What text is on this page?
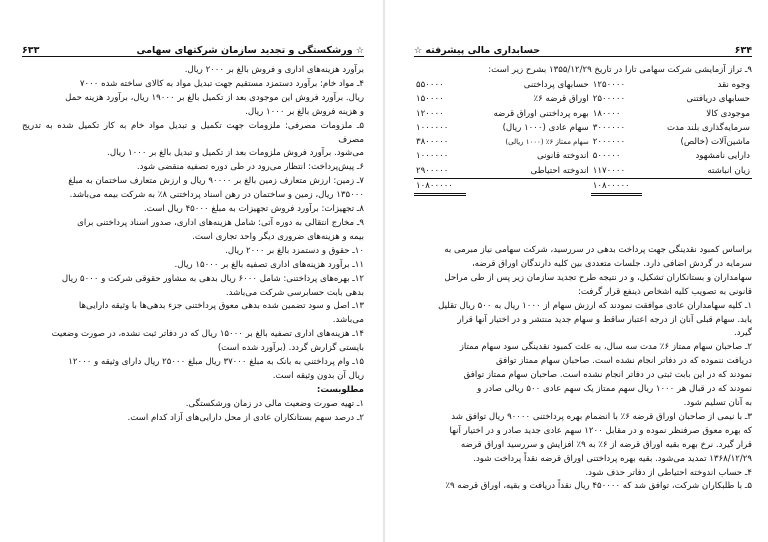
☆ ورشکستگی و تجدید سازمان شرکتهای سهامی
۶۳۳

برآورد هزینه‌های اداری و فروش بالغ بر ۲۰۰۰ ریال.

۴ـ مواد خام: برآورد دستمزد مستقیم جهت تبدیل مواد به کالای ساخته شده ۷۰۰۰

ریال. برآورد فروش این موجودی بعد از تکمیل بالغ بر ۱۹۰۰۰ ریال، برآورد هزینه حمل

و هزینه فروش بالغ بر ۱۰۰۰ ریال.

۵ـ ملزومات مصرفی: ملزومات جهت تکمیل و تبدیل مواد خام به کار تکمیل شده به تدریج مصرف

می‌شود. برآورد فروش ملزومات بعد از تکمیل و تبدیل بالغ بر ۱۰۰۰ ریال.

۶ـ پیش‌پرداخت: انتظار می‌رود در طی دوره تصفیه منقضی شود.

۷ـ زمین: ارزش متعارف زمین بالغ بر ۹۰۰۰۰ ریال و ارزش متعارف ساختمان به مبلغ

۱۳۵۰۰۰ ریال، زمین و ساختمان در رهن اسناد پرداختنی ۸٪ به شرکت بیمه می‌باشد.

۸ـ تجهیزات: برآورد فروش تجهیزات به مبلغ ۴۵۰۰۰ ریال است.

۹ـ مخارج انتقالی به دوره آتی: شامل هزینه‌های اداری، صدور اسناد پرداختنی برای

بیمه و هزینه‌های ضروری دیگر واحد تجاری است.

۱۰ـ حقوق و دستمزد بالغ بر ۲۰۰۰ ریال.

۱۱ـ برآورد هزینه‌های اداری تصفیه بالغ بر ۱۵۰۰۰ ریال.

۱۲ـ بهره‌های پرداختنی: شامل ۶۰۰۰ ریال بدهی به مشاور حقوقی شرکت و ۵۰۰۰ ریال

بدهی بابت حسابرسی شرکت می‌باشد.

۱۳ـ اصل و سود تضمین شده بدهی معوق پرداختنی جزء بدهی‌ها با وثیقه دارایی‌ها

می‌باشد.

۱۴ـ هزینه‌های اداری تصفیه بالغ بر ۱۵۰۰۰ ریال که در دفاتر ثبت نشده، در صورت وضعیت

بایستی گزارش گردد. (برآورد شده است)

۱۵ـ وام پرداختنی به بانک به مبلغ ۳۷۰۰۰ ریال مبلغ ۲۵۰۰۰ ریال دارای وثیقه و ۱۲۰۰۰

ریال آن بدون وثیقه است.

مطلوبست:

۱ـ تهیه صورت وضعیت مالی در زمان ورشکستگی.

۲ـ درصد سهم بستانکاران عادی از محل دارایی‌های آزاد کدام است.

۶۳۴
حسابداری مالی پیشرفته ☆

۹ـ تراز آزمایشی شرکت سهامی تارا در تاریخ ۱۳۵۵/۱۲/۲۹ بشرح زیر است:

وجوه نقد	۱۲۵۰۰۰۰	حسابهای پرداختنی	۵۵۰۰۰۰
حسابهای دریافتنی	۲۵۰۰۰۰۰	اوراق قرضه ۶٪	۱۵۰۰۰۰
موجودی کالا	۱۸۰۰۰۰	بهره پرداختنی اوراق قرضه	۱۲۰۰۰۰
سرمایه‌گذاری بلند مدت	۳۰۰۰۰۰۰	سهام عادی (۱۰۰۰ ریال)	۱۰۰۰۰۰۰
ماشین‌آلات (خالص)	۲۰۰۰۰۰۰	سهام ممتاز ۶٪ (۱۰۰۰ ریالی)	۳۸۰۰۰۰۰
دارایی نامشهود	۵۰۰۰۰۰	اندوخته قانونی	۱۰۰۰۰۰۰
زیان انباشته	۱۱۷۰۰۰۰	اندوخته احتیاطی	۲۹۰۰۰۰۰
	۱۰۸۰۰۰۰۰		۱۰۸۰۰۰۰۰

براساس کمبود نقدینگی جهت پرداخت بدهی در سررسید، شرکت سهامی نیاز مبرمی به

سرمایه در گردش اضافی دارد. جلسات متعددی بین کلیه دارندگان اوراق قرضه،

سهامداران و بستانکاران تشکیل، و در نتیجه طرح تجدید سازمان زیر پس از طی مراحل

قانونی به تصویب کلیه اشخاص ذینفع قرار گرفت:

۱ـ کلیه سهامداران عادی موافقت نمودند که ارزش سهام از ۱۰۰۰ ریال به ۵۰۰ ریال تقلیل

یابد. سهام قبلی آنان از درجه اعتبار ساقط و سهام جدید منتشر و در اختیار آنها قرار

گیرد.

۲ـ صاحبان سهام ممتاز ۶٪ مدت سه سال، به علت کمبود نقدینگی سود سهام ممتاز

دریافت ننموده که در دفاتر انجام نشده است. صاحبان سهام ممتاز توافق

نمودند که در این بابت ثبتی در دفاتر انجام نشده است. صاحبان سهام ممتاز توافق

نمودند که در قبال هر ۱۰۰۰ ریال سهم ممتاز یک سهم عادی ۵۰۰ ریالی صادر و

به آنان تسلیم شود.

۳ـ با نیمی از صاحبان اوراق قرضه ۶٪ با انضمام بهره پرداختنی ۹۰۰۰۰ ریال توافق شد

که بهره معوق صرفنظر نموده و در مقابل ۱۲۰۰ سهم عادی جدید صادر و در اختیار آنها

قرار گیرد. نرخ بهره بقیه اوراق قرضه از ۶٪ به ۹٪ افزایش و سررسید اوراق قرضه

۱۳۶۸/۱۲/۲۹ تمدید می‌شود. بقیه بهره پرداختنی اوراق قرضه نقداً پرداخت شود.

۴ـ حساب اندوخته احتیاطی از دفاتر حذف شود.

۵ـ با طلبکاران شرکت، توافق شد که ۴۵۰۰۰۰ ریال نقداً دریافت و بقیه، اوراق قرضه ۹٪
